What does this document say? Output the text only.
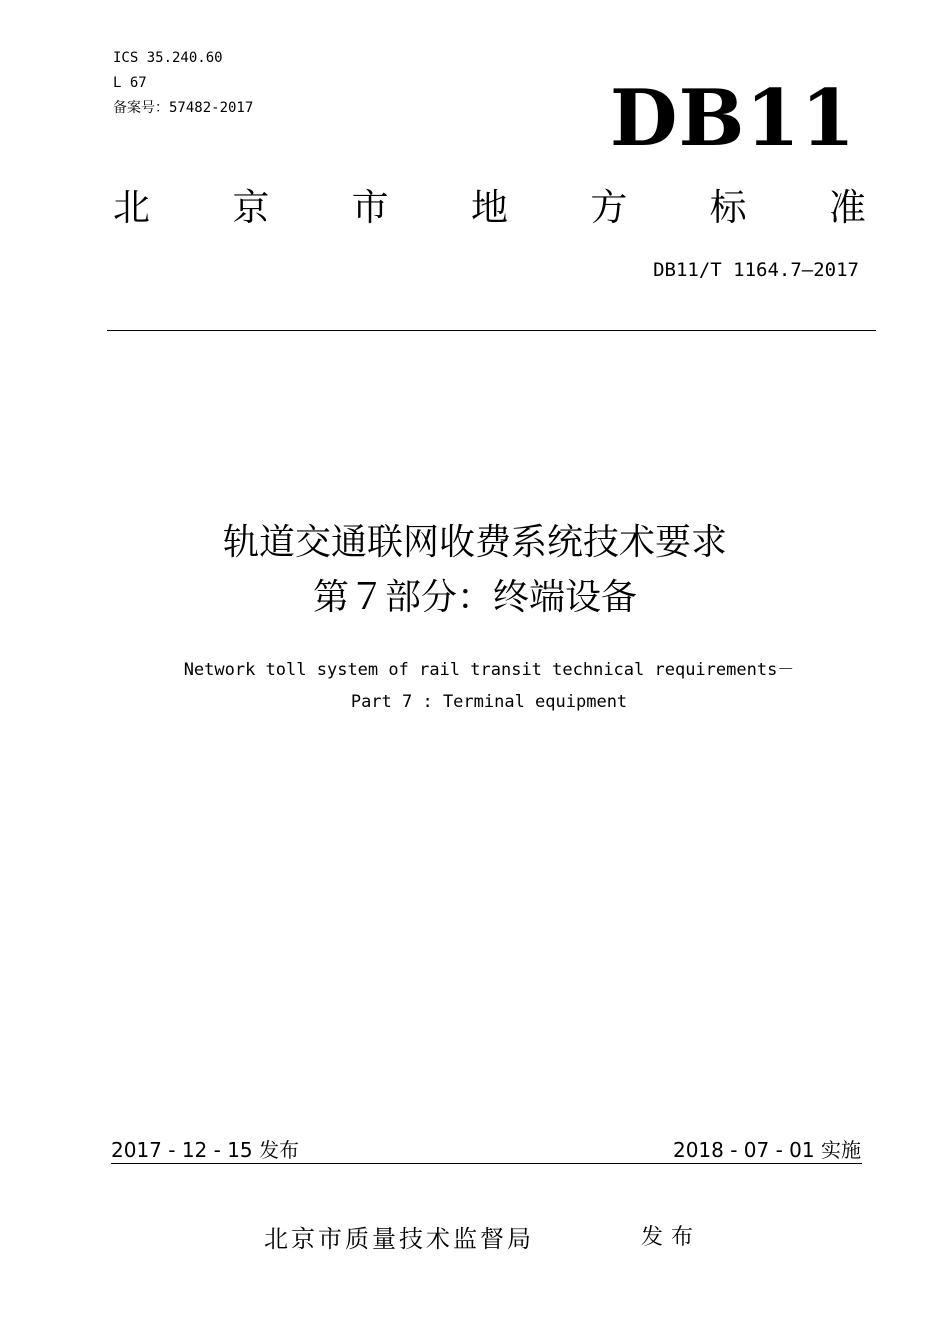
ICS 35.240.60
L 67
备案号：57482-2017	DB11
北 京 市 地 方 标 准
DB11/T 1164.7—2017
轨道交通联网收费系统技术要求
第７部分：终端设备
Network toll system of rail transit technical requirements－
Part 7 : Terminal equipment
2017 - 12 - 15 发布	2018 - 07 - 01 实施
北京市质量技术监督局	发布
